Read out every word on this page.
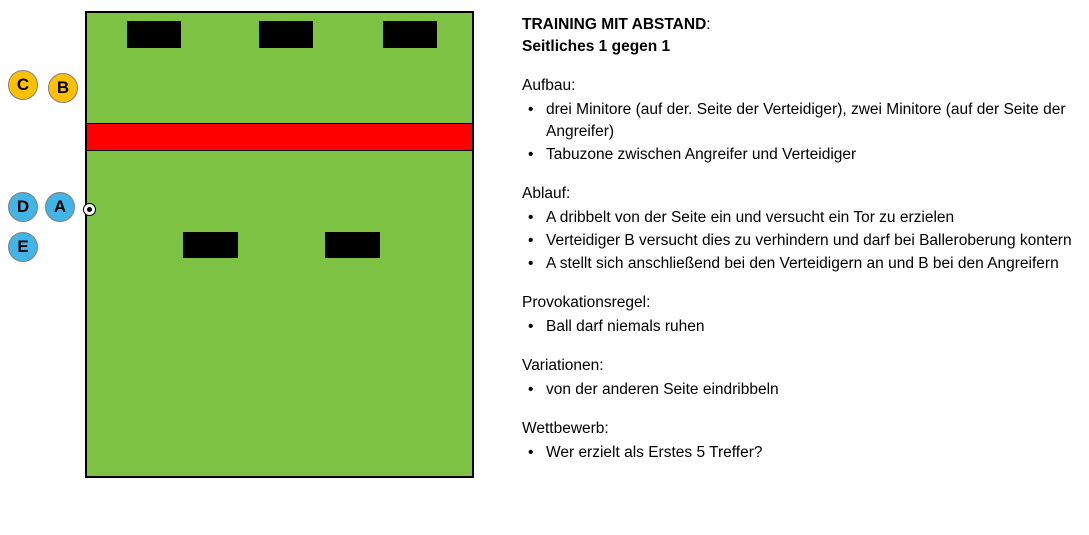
C B
D A
E
TRAINING MIT ABSTAND:
Seitliches 1 gegen 1
Aufbau:
• drei Minitore (auf der. Seite der Verteidiger), zwei Minitore (auf der Seite der Angreifer)
• Tabuzone zwischen Angreifer und Verteidiger
Ablauf:
• A dribbelt von der Seite ein und versucht ein Tor zu erzielen
• Verteidiger B versucht dies zu verhindern und darf bei Balleroberung kontern
• A stellt sich anschließend bei den Verteidigern an und B bei den Angreifern
Provokationsregel:
• Ball darf niemals ruhen
Variationen:
• von der anderen Seite eindribbeln
Wettbewerb:
• Wer erzielt als Erstes 5 Treffer?
